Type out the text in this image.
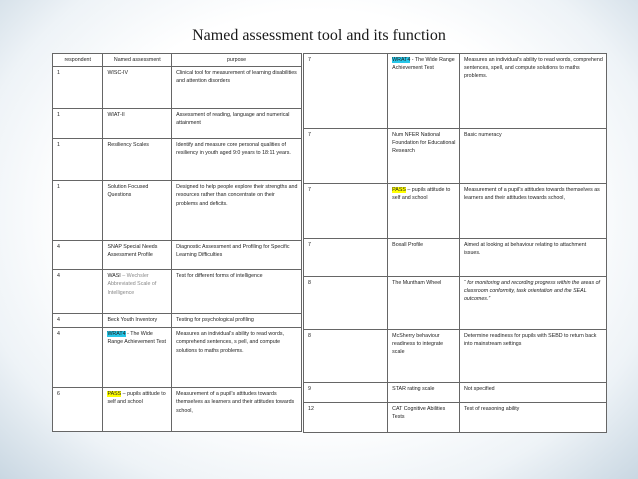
Named assessment tool and its function
respondent	Named assessment	purpose
1	WISC-IV	Clinical tool for measurement of learning disabilities and attention disorders
1	WIAT-II	Assessment of reading, language and numerical attainment
1	Resiliency Scales	Identify and measure core personal qualities of resiliency in youth aged 9:0 years to 18:11 years.
1	Solution Focused Questions	Designed to help people explore their strengths and resources rather than concentrate on their problems and deficits.
4	SNAP Special Needs Assessment Profile	Diagnostic Assessment and Profiling for Specific Learning Difficulties
4	WASI – Wechsler Abbreviated Scale of Intelligence	Test for different forms of intelligence
4	Beck Youth Inventory	Testing for psychological profiling
4	WRAT4 - The Wide Range Achievement Test	Measures an individual's ability to read words, comprehend sentences, s pell, and compute solutions to maths problems.
6	PASS – pupils attitude to self and school	Measurement of a pupil's attitudes towards themselves as learners and their attitudes towards school,
7	WRAT4 - The Wide Range Achievement Test	Measures an individual's ability to read words, comprehend sentences, spell, and compute solutions to maths problems.
7	Num NFER National Foundation for Educational Research	Basic numeracy
7	PASS – pupils attitude to self and school	Measurement of a pupil's attitudes towards themselves as learners and their attitudes towards school,
7	Boxall Profile	Aimed at looking at behaviour relating to attachment issues.
8	The Muntham Wheel	“ for monitoring and recording progress within the areas of classroom conformity, task orientation and the SEAL outcomes.”
8	McSherry behaviour readiness to integrate scale	Determine readiness for pupils with SEBD to return back into mainstream settings
9	STAR rating scale	Not specified
12	CAT Cognitive Abilities Tests	Test of reasoning ability
